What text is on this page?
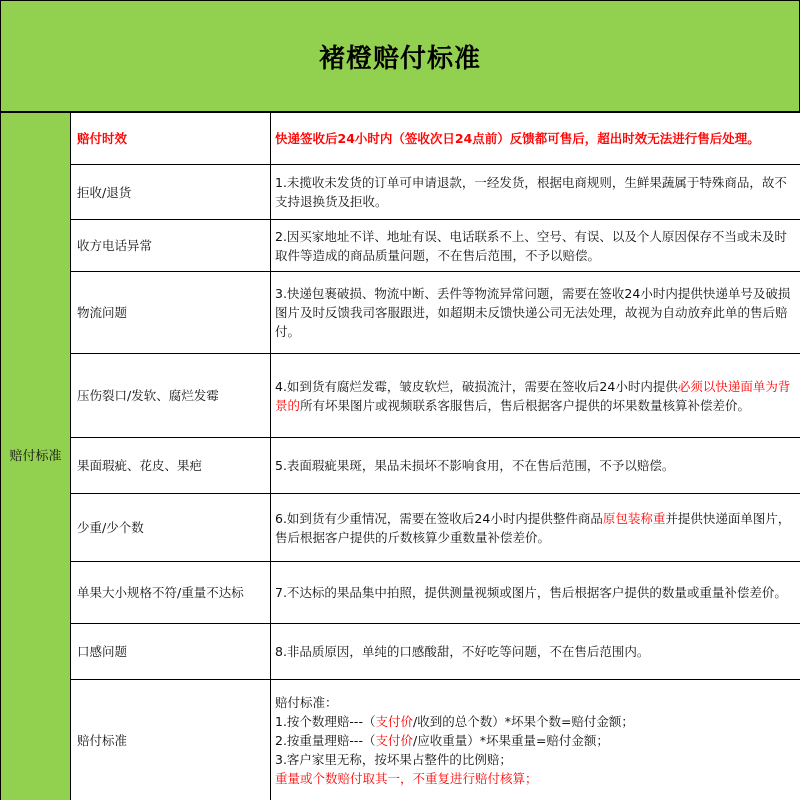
褚橙赔付标准
赔付标准	赔付时效	快递签收后24小时内（签收次日24点前）反馈都可售后，超出时效无法进行售后处理。
	拒收/退货	1.未揽收未发货的订单可申请退款，一经发货，根据电商规则，生鲜果蔬属于特殊商品，故不支持退换货及拒收。
	收方电话异常	2.因买家地址不详、地址有误、电话联系不上、空号、有误、以及个人原因保存不当或未及时取件等造成的商品质量问题，不在售后范围，不予以赔偿。
	物流问题	3.快递包裹破损、物流中断、丢件等物流异常问题，需要在签收24小时内提供快递单号及破损图片及时反馈我司客服跟进，如超期未反馈快递公司无法处理，故视为自动放弃此单的售后赔付。
	压伤裂口/发软、腐烂发霉	4.如到货有腐烂发霉，皱皮软烂，破损流汁，需要在签收后24小时内提供必须以快递面单为背景的所有坏果图片或视频联系客服售后，售后根据客户提供的坏果数量核算补偿差价。
	果面瑕疵、花皮、果疤	5.表面瑕疵果斑，果品未损坏不影响食用，不在售后范围，不予以赔偿。
	少重/少个数	6.如到货有少重情况，需要在签收后24小时内提供整件商品原包装称重并提供快递面单图片，售后根据客户提供的斤数核算少重数量补偿差价。
	单果大小规格不符/重量不达标	7.不达标的果品集中拍照，提供测量视频或图片，售后根据客户提供的数量或重量补偿差价。
	口感问题	8.非品质原因，单纯的口感酸甜，不好吃等问题，不在售后范围内。
	赔付标准	赔付标准：
1.按个数理赔---（支付价/收到的总个数）*坏果个数=赔付金额；
2.按重量理赔---（支付价/应收重量）*坏果重量=赔付金额；
3.客户家里无称，按坏果占整件的比例赔；
重量或个数赔付取其一，不重复进行赔付核算；
